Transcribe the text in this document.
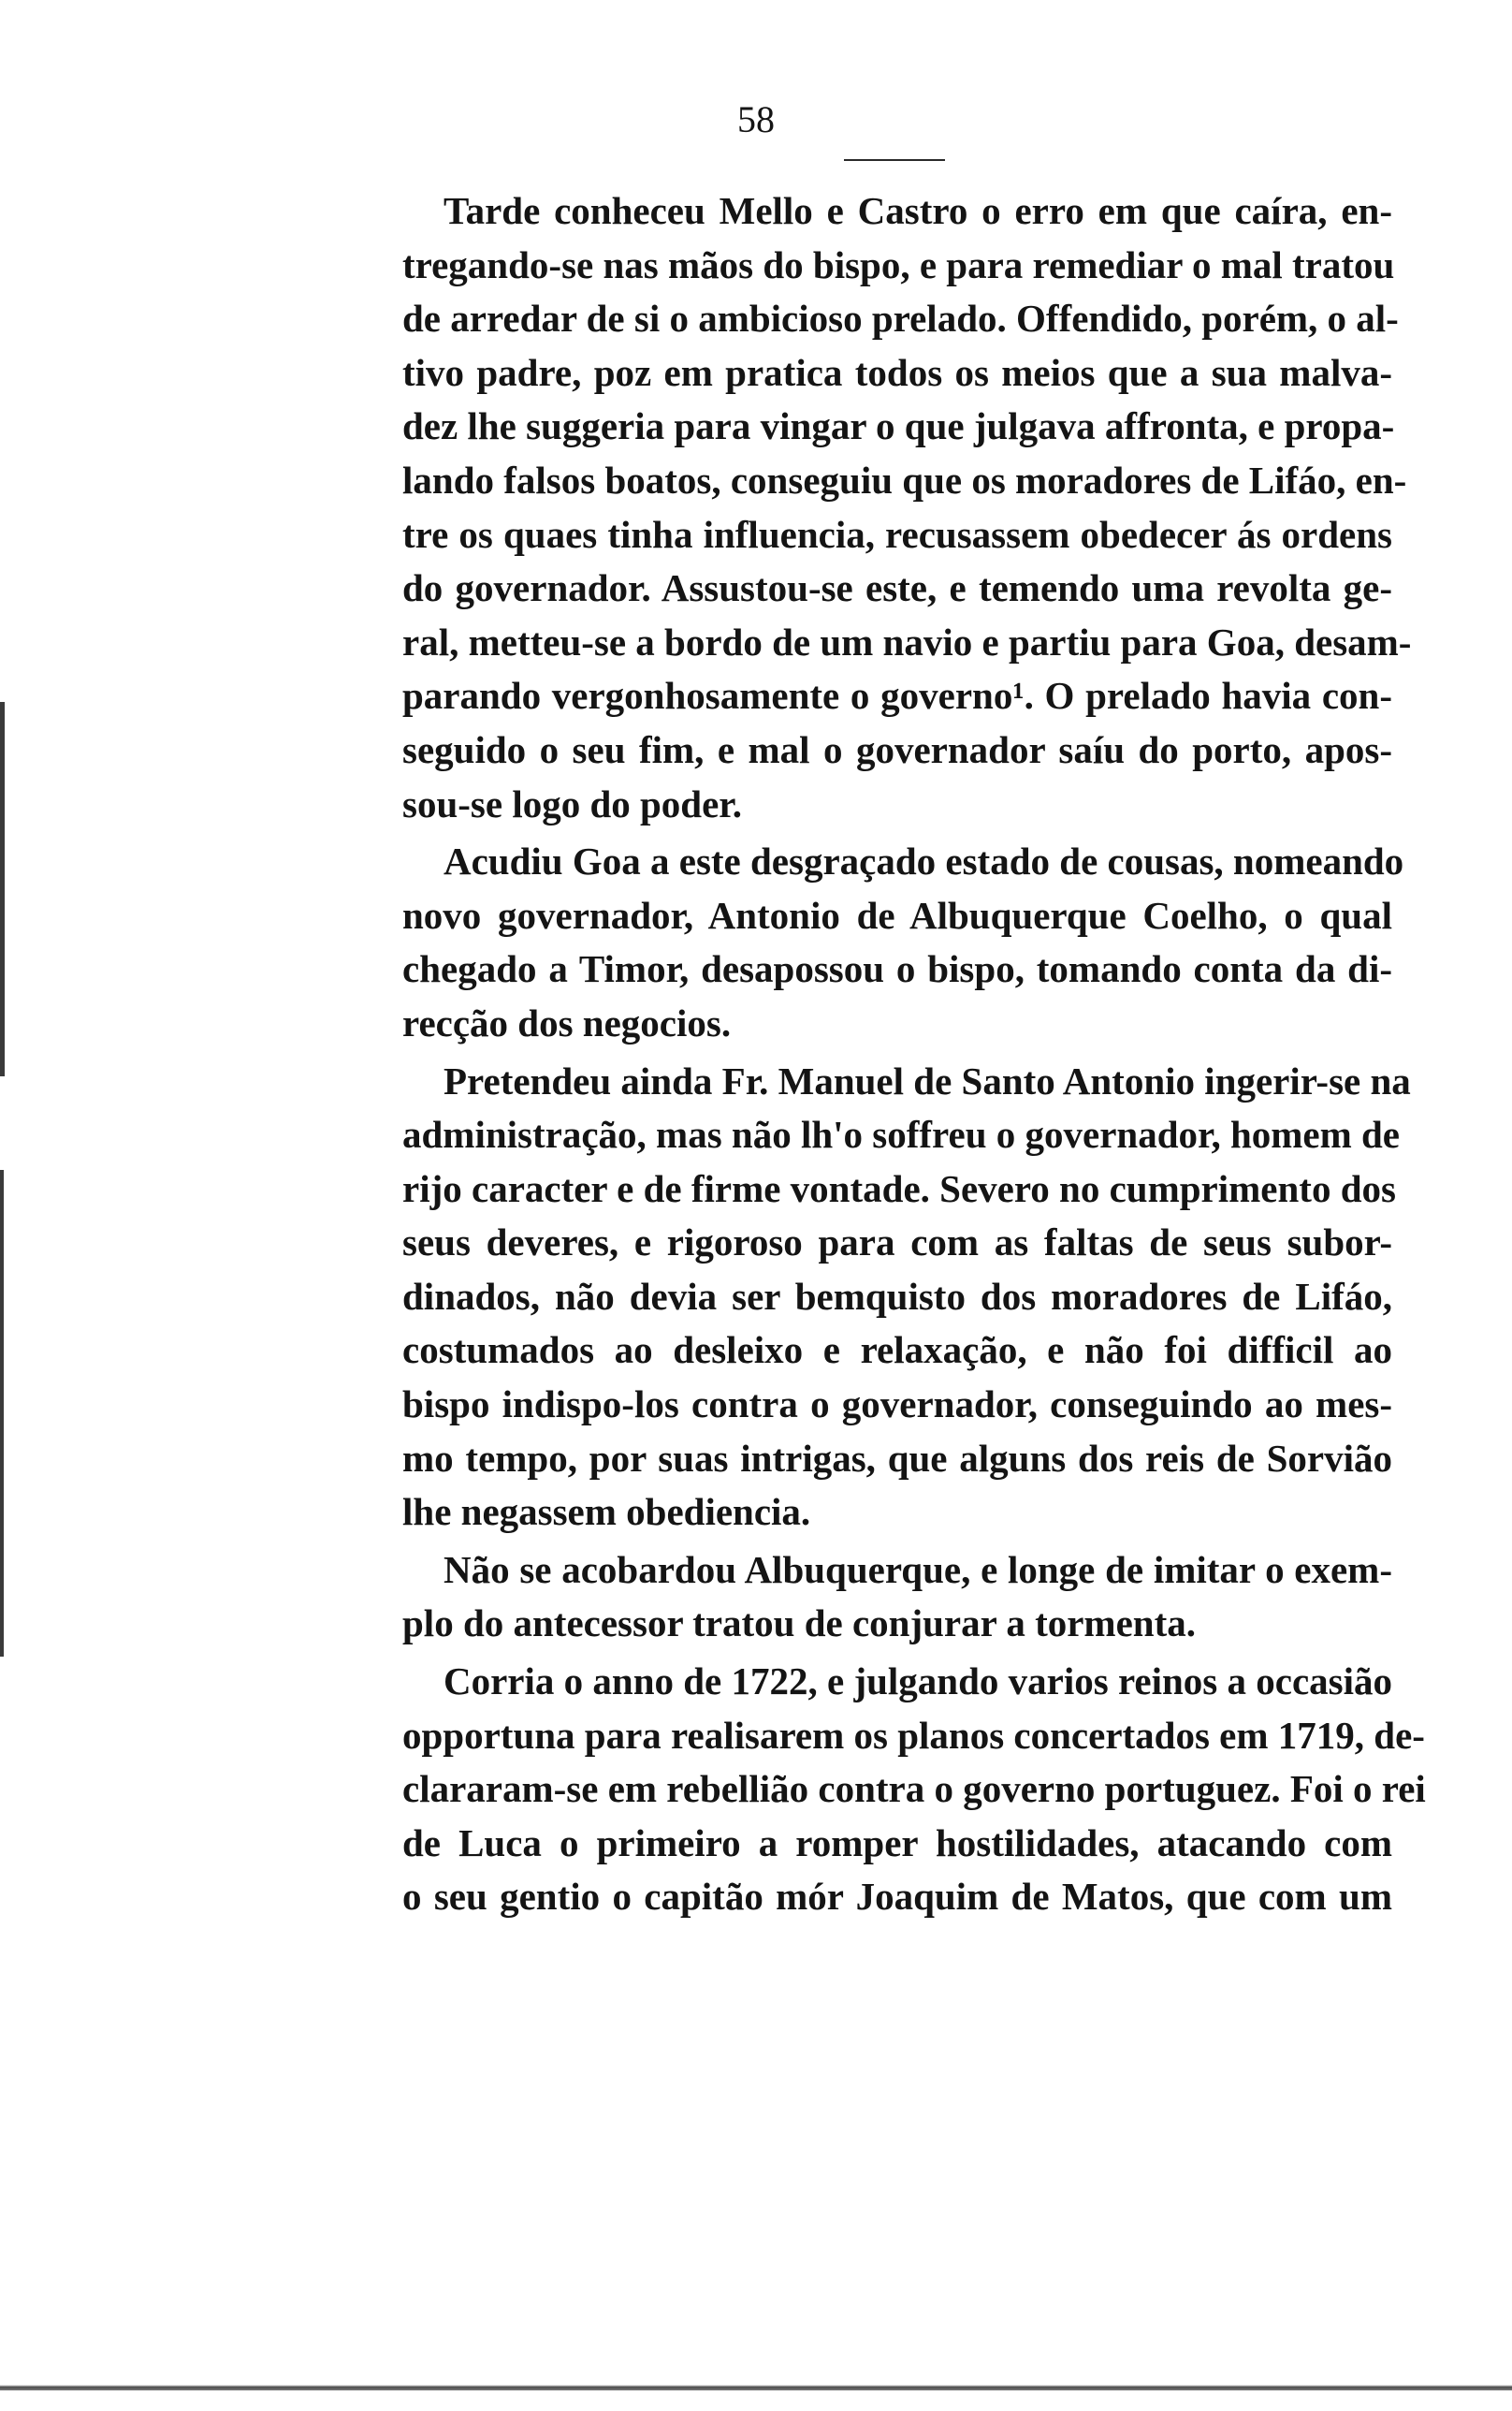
58
Tarde conheceu Mello e Castro o erro em que caíra, en-
tregando-se nas mãos do bispo, e para remediar o mal tratou
de arredar de si o ambicioso prelado. Offendido, porém, o al-
tivo padre, poz em pratica todos os meios que a sua malva-
dez lhe suggeria para vingar o que julgava affronta, e propa-
lando falsos boatos, conseguiu que os moradores de Lifáo, en-
tre os quaes tinha influencia, recusassem obedecer ás ordens
do governador. Assustou-se este, e temendo uma revolta ge-
ral, metteu-se a bordo de um navio e partiu para Goa, desam-
parando vergonhosamente o governo¹. O prelado havia con-
seguido o seu fim, e mal o governador saíu do porto, apos-
sou-se logo do poder.
Acudiu Goa a este desgraçado estado de cousas, nomeando
novo governador, Antonio de Albuquerque Coelho, o qual
chegado a Timor, desapossou o bispo, tomando conta da di-
recção dos negocios.
Pretendeu ainda Fr. Manuel de Santo Antonio ingerir-se na
administração, mas não lh'o soffreu o governador, homem de
rijo caracter e de firme vontade. Severo no cumprimento dos
seus deveres, e rigoroso para com as faltas de seus subor-
dinados, não devia ser bemquisto dos moradores de Lifáo,
costumados ao desleixo e relaxação, e não foi difficil ao
bispo indispo-los contra o governador, conseguindo ao mes-
mo tempo, por suas intrigas, que alguns dos reis de Sorvião
lhe negassem obediencia.
Não se acobardou Albuquerque, e longe de imitar o exem-
plo do antecessor tratou de conjurar a tormenta.
Corria o anno de 1722, e julgando varios reinos a occasião
opportuna para realisarem os planos concertados em 1719, de-
clararam-se em rebellião contra o governo portuguez. Foi o rei
de Luca o primeiro a romper hostilidades, atacando com
o seu gentio o capitão mór Joaquim de Matos, que com um
